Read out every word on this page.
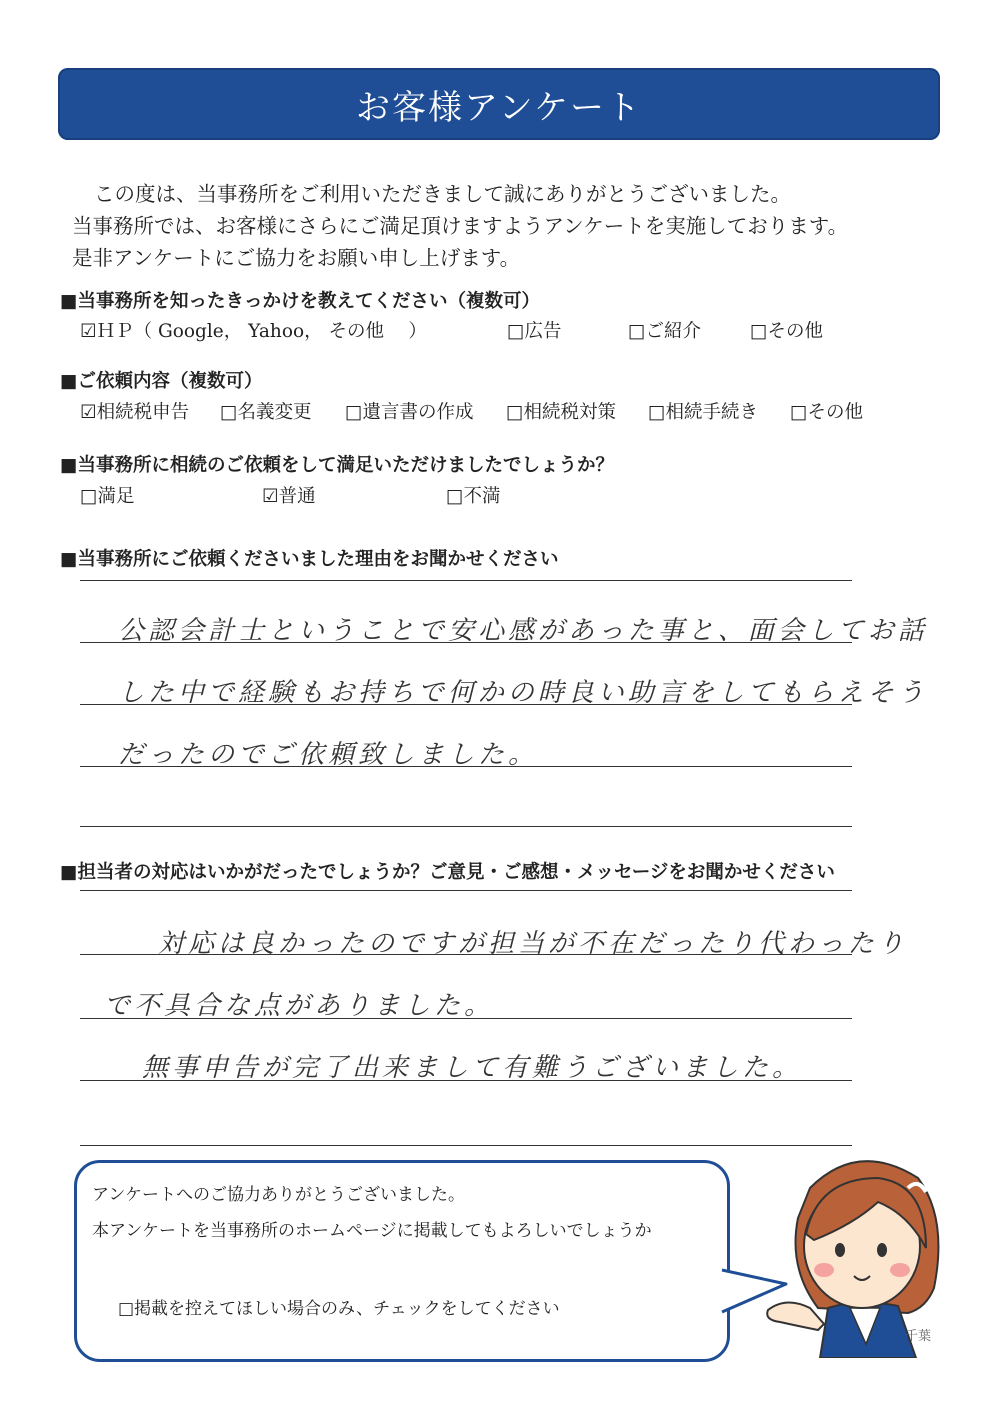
お客様アンケート
この度は、当事務所をご利用いただきまして誠にありがとうございました。
当事務所では、お客様にさらにご満足頂けますようアンケートを実施しております。
是非アンケートにご協力をお願い申し上げます。
■当事務所を知ったきっかけを教えてください（複数可）
☑ＨＰ（ Google， Yahoo， その他　 ）	□広告	□ご紹介	□その他
■ご依頼内容（複数可）
☑相続税申告 □名義変更 □遺言書の作成 □相続税対策 □相続手続き □その他
■当事務所に相続のご依頼をして満足いただけましたでしょうか？
□満足	☑普通	□不満
■当事務所にご依頼くださいました理由をお聞かせください
公認会計士ということで安心感があった事と、面会してお話
した中で経験もお持ちで何かの時良い助言をしてもらえそう
だったのでご依頼致しました。
■担当者の対応はいかがだったでしょうか？ご意見・ご感想・メッセージをお聞かせください
対応は良かったのですが担当が不在だったり代わったり
で不具合な点がありました。
無事申告が完了出来まして有難うございました。
アンケートへのご協力ありがとうございました。
本アンケートを当事務所のホームページに掲載してもよろしいでしょうか
□掲載を控えてほしい場合のみ、チェックをしてください
千葉
